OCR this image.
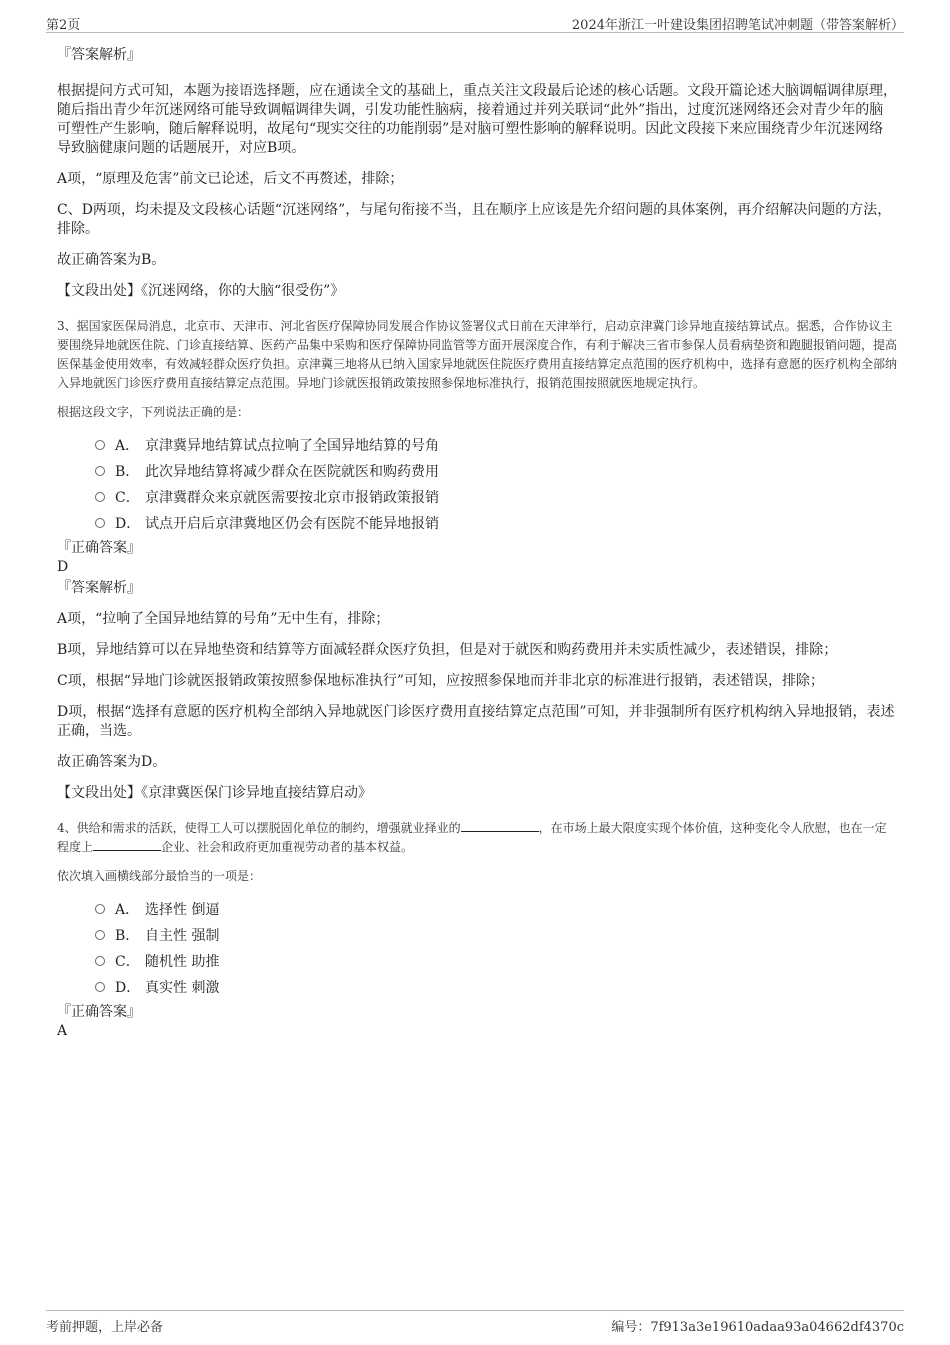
第2页	2024年浙江一叶建设集团招聘笔试冲刺题（带答案解析）

『答案解析』

根据提问方式可知，本题为接语选择题，应在通读全文的基础上，重点关注文段最后论述的核心话题。文段开篇论述大脑调幅调律原理，随后指出青少年沉迷网络可能导致调幅调律失调，引发功能性脑病，接着通过并列关联词“此外”指出，过度沉迷网络还会对青少年的脑可塑性产生影响，随后解释说明，故尾句“现实交往的功能削弱”是对脑可塑性影响的解释说明。因此文段接下来应围绕青少年沉迷网络导致脑健康问题的话题展开，对应B项。

A项，“原理及危害”前文已论述，后文不再赘述，排除；

C、D两项，均未提及文段核心话题“沉迷网络”，与尾句衔接不当，且在顺序上应该是先介绍问题的具体案例，再介绍解决问题的方法，排除。

故正确答案为B。

【文段出处】《沉迷网络，你的大脑“很受伤”》

3、据国家医保局消息，北京市、天津市、河北省医疗保障协同发展合作协议签署仪式日前在天津举行，启动京津冀门诊异地直接结算试点。据悉，合作协议主要围绕异地就医住院、门诊直接结算、医药产品集中采购和医疗保障协同监管等方面开展深度合作，有利于解决三省市参保人员看病垫资和跑腿报销问题，提高医保基金使用效率，有效减轻群众医疗负担。京津冀三地将从已纳入国家异地就医住院医疗费用直接结算定点范围的医疗机构中，选择有意愿的医疗机构全部纳入异地就医门诊医疗费用直接结算定点范围。异地门诊就医报销政策按照参保地标准执行，报销范围按照就医地规定执行。

根据这段文字，下列说法正确的是：

A． 京津冀异地结算试点拉响了全国异地结算的号角
B． 此次异地结算将减少群众在医院就医和购药费用
C． 京津冀群众来京就医需要按北京市报销政策报销
D． 试点开启后京津冀地区仍会有医院不能异地报销

『正确答案』

D

『答案解析』

A项，“拉响了全国异地结算的号角”无中生有，排除；

B项，异地结算可以在异地垫资和结算等方面减轻群众医疗负担，但是对于就医和购药费用并未实质性减少，表述错误，排除；

C项，根据“异地门诊就医报销政策按照参保地标准执行”可知，应按照参保地而并非北京的标准进行报销，表述错误，排除；

D项，根据“选择有意愿的医疗机构全部纳入异地就医门诊医疗费用直接结算定点范围”可知，并非强制所有医疗机构纳入异地报销，表述正确，当选。

故正确答案为D。

【文段出处】《京津冀医保门诊异地直接结算启动》

4、供给和需求的活跃，使得工人可以摆脱固化单位的制约，增强就业择业的	，在市场上最大限度实现个体价值，这种变化令人欣慰，也在一定程度上	企业、社会和政府更加重视劳动者的基本权益。

依次填入画横线部分最恰当的一项是：

A． 选择性 倒逼
B． 自主性 强制
C． 随机性 助推
D． 真实性 刺激

『正确答案』

A

考前押题，上岸必备	编号：7f913a3e19610adaa93a04662df4370c
